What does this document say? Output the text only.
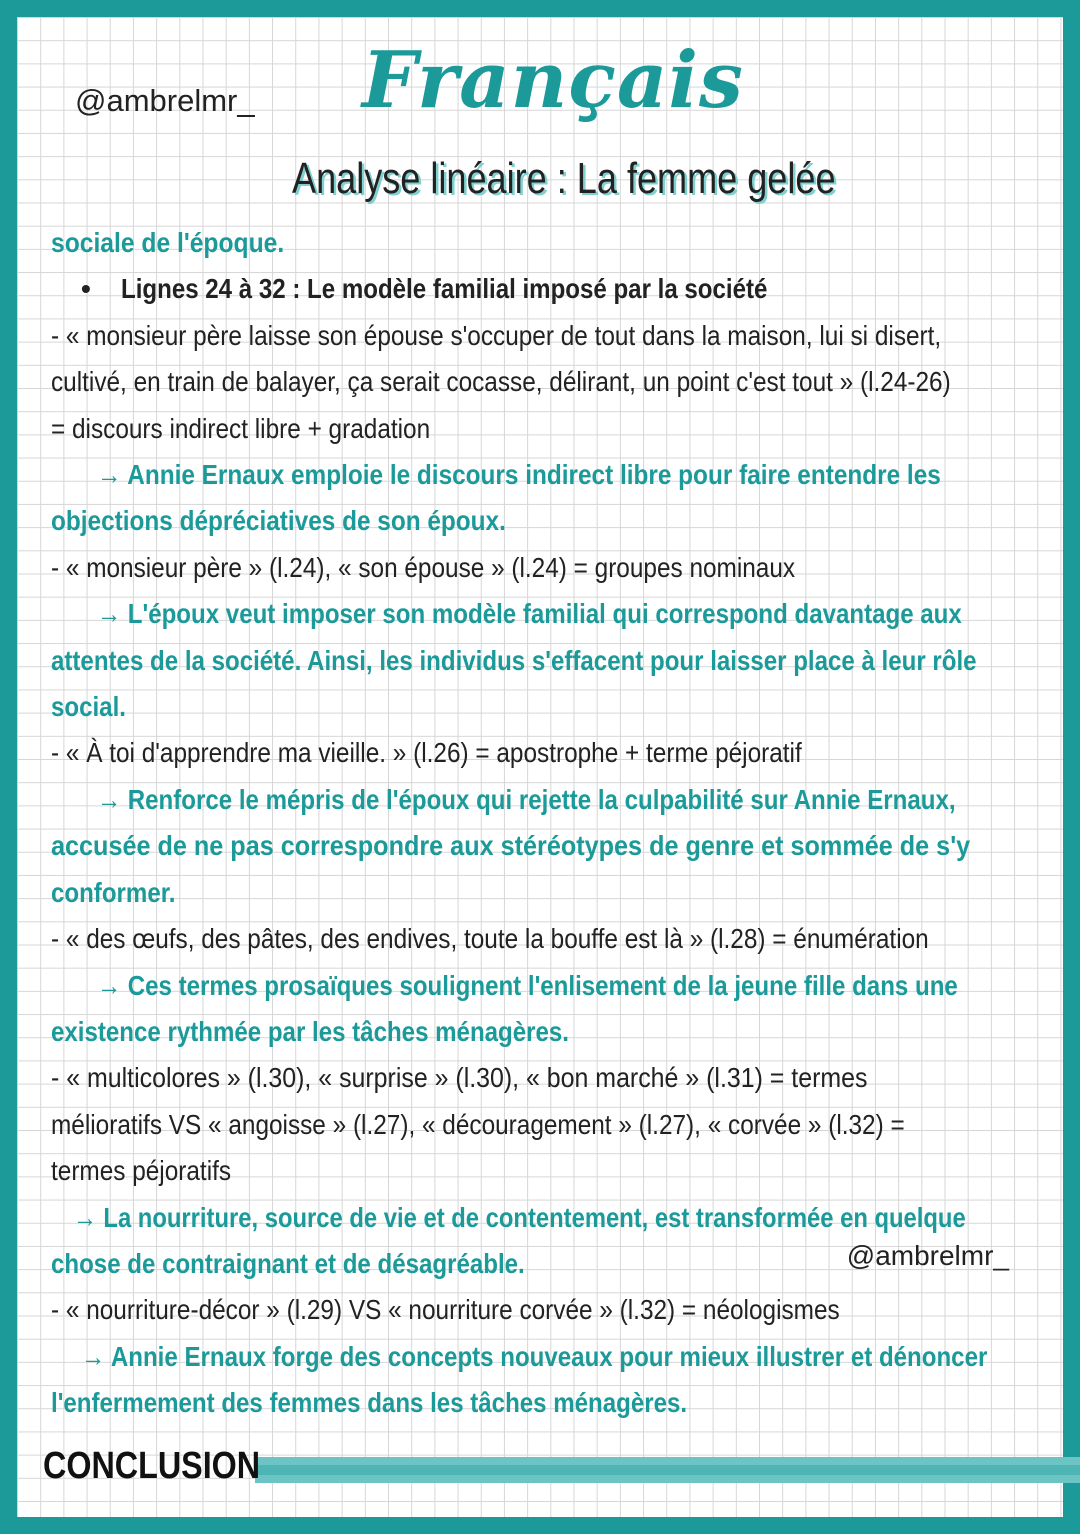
@ambrelmr_ Français
Analyse linéaire : La femme gelée
sociale de l'époque.
• Lignes 24 à 32 : Le modèle familial imposé par la société
- « monsieur père laisse son épouse s'occuper de tout dans la maison, lui si disert,
cultivé, en train de balayer, ça serait cocasse, délirant, un point c'est tout » (l.24-26)
= discours indirect libre + gradation
→ Annie Ernaux emploie le discours indirect libre pour faire entendre les
objections dépréciatives de son époux.
- « monsieur père » (l.24), « son épouse » (l.24) = groupes nominaux
→ L'époux veut imposer son modèle familial qui correspond davantage aux
attentes de la société. Ainsi, les individus s'effacent pour laisser place à leur rôle
social.
- « À toi d'apprendre ma vieille. » (l.26) = apostrophe + terme péjoratif
→ Renforce le mépris de l'époux qui rejette la culpabilité sur Annie Ernaux,
accusée de ne pas correspondre aux stéréotypes de genre et sommée de s'y
conformer.
- « des œufs, des pâtes, des endives, toute la bouffe est là » (l.28) = énumération
→ Ces termes prosaïques soulignent l'enlisement de la jeune fille dans une
existence rythmée par les tâches ménagères.
- « multicolores » (l.30), « surprise » (l.30), « bon marché » (l.31) = termes
mélioratifs VS « angoisse » (l.27), « découragement » (l.27), « corvée » (l.32) =
termes péjoratifs
→ La nourriture, source de vie et de contentement, est transformée en quelque
chose de contraignant et de désagréable.
- « nourriture-décor » (l.29) VS « nourriture corvée » (l.32) = néologismes
→ Annie Ernaux forge des concepts nouveaux pour mieux illustrer et dénoncer
l'enfermement des femmes dans les tâches ménagères.
@ambrelmr_
CONCLUSION
